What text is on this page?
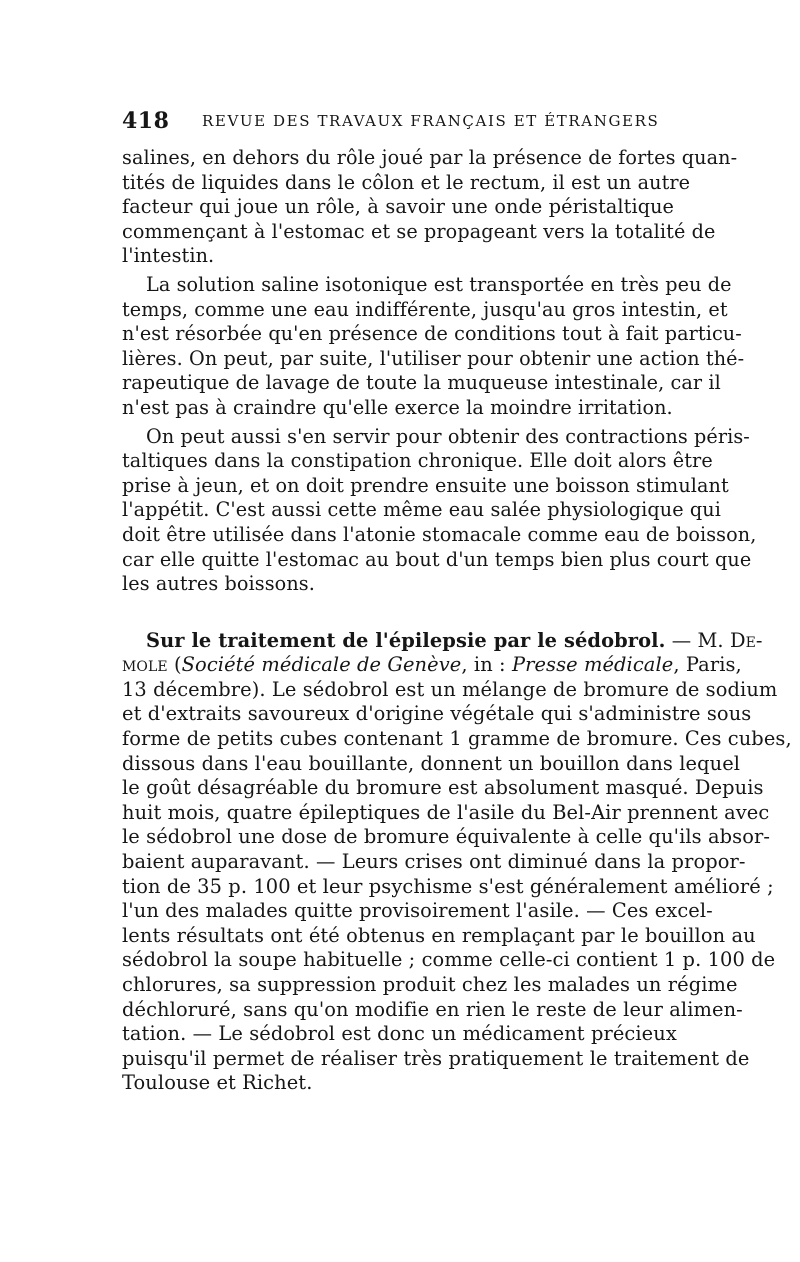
418 REVUE DES TRAVAUX FRANÇAIS ET ÉTRANGERS
salines, en dehors du rôle joué par la présence de fortes quan-
tités de liquides dans le côlon et le rectum, il est un autre
facteur qui joue un rôle, à savoir une onde péristaltique
commençant à l'estomac et se propageant vers la totalité de
l'intestin.
La solution saline isotonique est transportée en très peu de
temps, comme une eau indifférente, jusqu'au gros intestin, et
n'est résorbée qu'en présence de conditions tout à fait particu-
lières. On peut, par suite, l'utiliser pour obtenir une action thé-
rapeutique de lavage de toute la muqueuse intestinale, car il
n'est pas à craindre qu'elle exerce la moindre irritation.
On peut aussi s'en servir pour obtenir des contractions péris-
taltiques dans la constipation chronique. Elle doit alors être
prise à jeun, et on doit prendre ensuite une boisson stimulant
l'appétit. C'est aussi cette même eau salée physiologique qui
doit être utilisée dans l'atonie stomacale comme eau de boisson,
car elle quitte l'estomac au bout d'un temps bien plus court que
les autres boissons.
Sur le traitement de l'épilepsie par le sédobrol. — M. De-
mole (Société médicale de Genève, in : Presse médicale, Paris,
13 décembre). Le sédobrol est un mélange de bromure de sodium
et d'extraits savoureux d'origine végétale qui s'administre sous
forme de petits cubes contenant 1 gramme de bromure. Ces cubes,
dissous dans l'eau bouillante, donnent un bouillon dans lequel
le goût désagréable du bromure est absolument masqué. Depuis
huit mois, quatre épileptiques de l'asile du Bel-Air prennent avec
le sédobrol une dose de bromure équivalente à celle qu'ils absor-
baient auparavant. — Leurs crises ont diminué dans la propor-
tion de 35 p. 100 et leur psychisme s'est généralement amélioré ;
l'un des malades quitte provisoirement l'asile. — Ces excel-
lents résultats ont été obtenus en remplaçant par le bouillon au
sédobrol la soupe habituelle ; comme celle-ci contient 1 p. 100 de
chlorures, sa suppression produit chez les malades un régime
déchloruré, sans qu'on modifie en rien le reste de leur alimen-
tation. — Le sédobrol est donc un médicament précieux
puisqu'il permet de réaliser très pratiquement le traitement de
Toulouse et Richet.
